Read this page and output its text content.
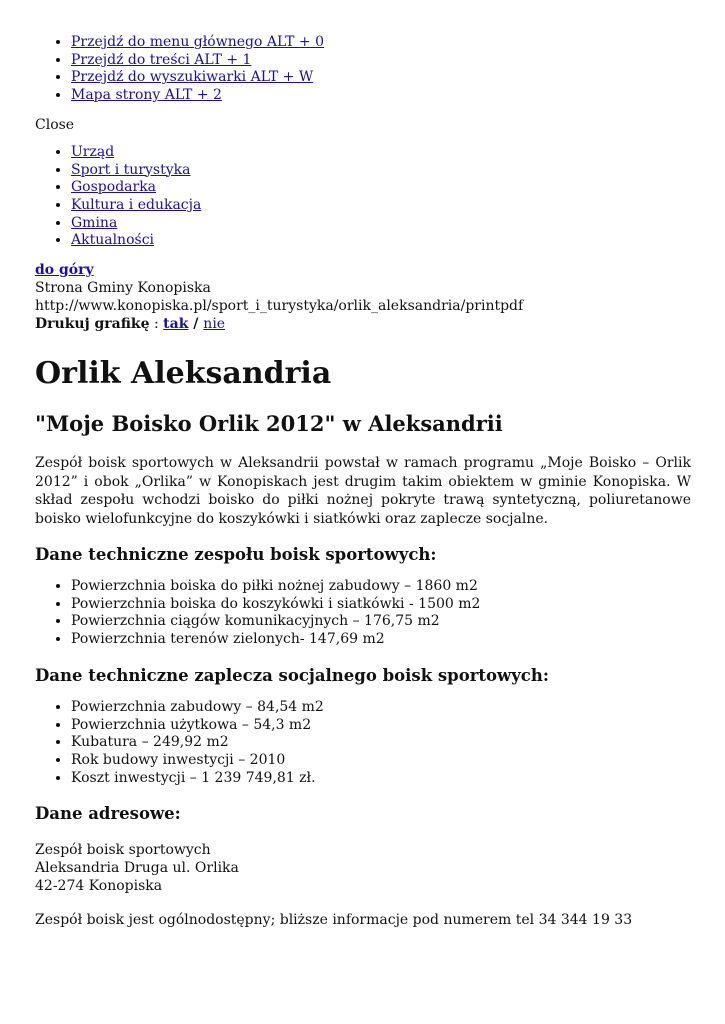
• Przejdź do menu głównego ALT + 0
• Przejdź do treści ALT + 1
• Przejdź do wyszukiwarki ALT + W
• Mapa strony ALT + 2
Close
• Urząd
• Sport i turystyka
• Gospodarka
• Kultura i edukacja
• Gmina
• Aktualności
do góry
Strona Gminy Konopiska
http://www.konopiska.pl/sport_i_turystyka/orlik_aleksandria/printpdf
Drukuj grafikę : tak / nie
Orlik Aleksandria
"Moje Boisko Orlik 2012" w Aleksandrii

Zespół boisk sportowych w Aleksandrii powstał w ramach programu „Moje Boisko – Orlik 2012” i obok „Orlika” w Konopiskach jest drugim takim obiektem w gminie Konopiska. W skład zespołu wchodzi boisko do piłki nożnej pokryte trawą syntetyczną, poliuretanowe boisko wielofunkcyjne do koszykówki i siatkówki oraz zaplecze socjalne.

Dane techniczne zespołu boisk sportowych:
• Powierzchnia boiska do piłki nożnej zabudowy – 1860 m2
• Powierzchnia boiska do koszykówki i siatkówki - 1500 m2
• Powierzchnia ciągów komunikacyjnych – 176,75 m2
• Powierzchnia terenów zielonych- 147,69 m2
Dane techniczne zaplecza socjalnego boisk sportowych:
• Powierzchnia zabudowy – 84,54 m2
• Powierzchnia użytkowa – 54,3 m2
• Kubatura – 249,92 m2
• Rok budowy inwestycji – 2010
• Koszt inwestycji – 1 239 749,81 zł.
Dane adresowe:
Zespół boisk sportowych
Aleksandria Druga ul. Orlika
42-274 Konopiska
Zespół boisk jest ogólnodostępny; bliższe informacje pod numerem tel 34 344 19 33
